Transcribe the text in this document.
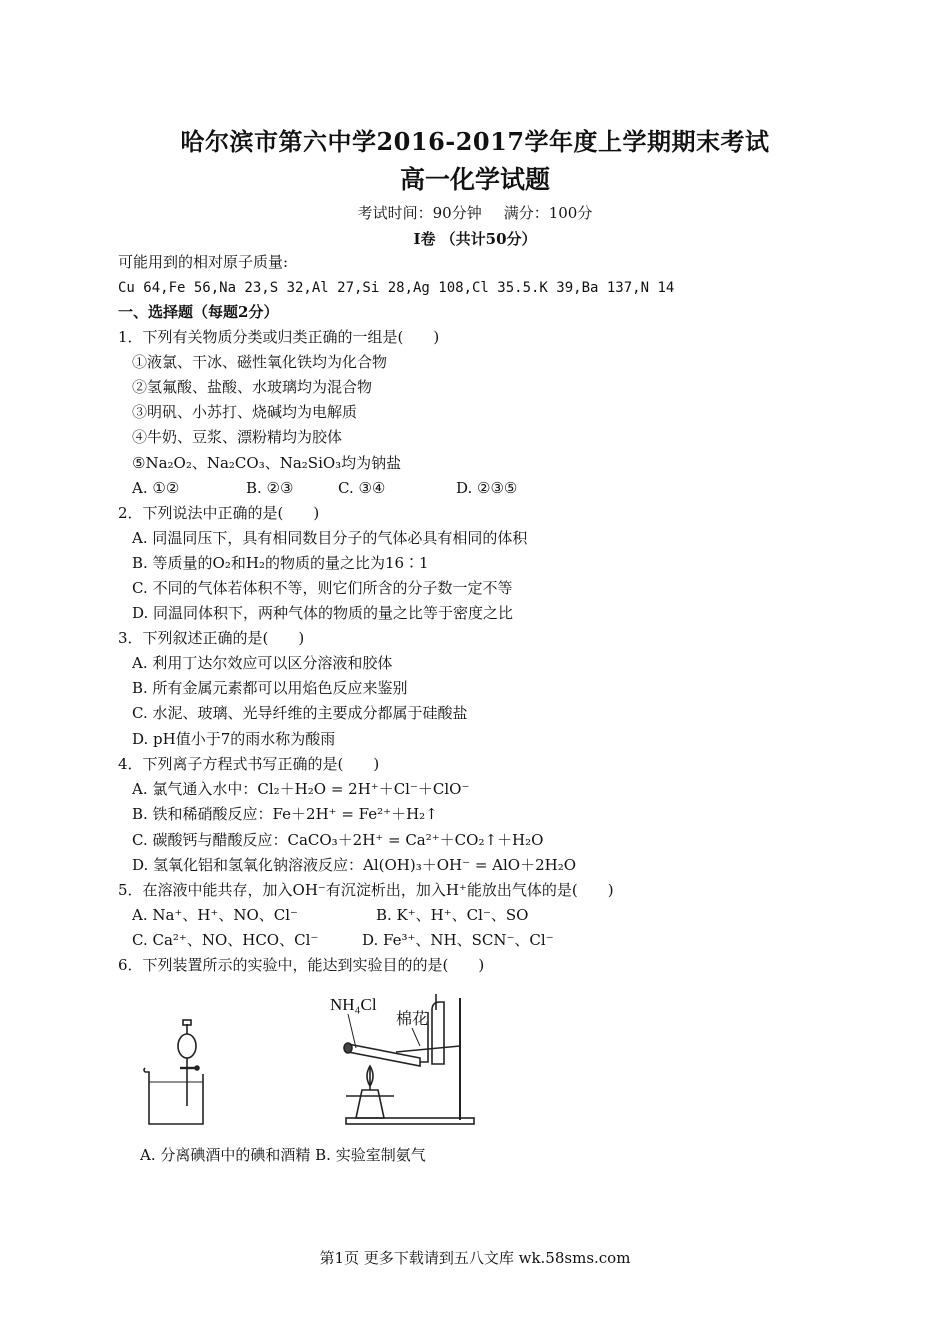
哈尔滨市第六中学2016-2017学年度上学期期末考试
高一化学试题
考试时间：90分钟 满分：100分
Ⅰ卷 （共计50分）
可能用到的相对原子质量:
Cu 64,Fe 56,Na 23,S 32,Al 27,Si 28,Ag 108,Cl 35.5.K 39,Ba 137,N 14
一、选择题（每题2分）
1．下列有关物质分类或归类正确的一组是(　　)
①液氯、干冰、磁性氧化铁均为化合物
②氢氟酸、盐酸、水玻璃均为混合物
③明矾、小苏打、烧碱均为电解质
④牛奶、豆浆、漂粉精均为胶体
⑤Na₂O₂、Na₂CO₃、Na₂SiO₃均为钠盐
A. ①②	B. ②③	C. ③④	D. ②③⑤
2．下列说法中正确的是(　　)
A. 同温同压下，具有相同数目分子的气体必具有相同的体积
B. 等质量的O₂和H₂的物质的量之比为16∶1
C. 不同的气体若体积不等，则它们所含的分子数一定不等
D. 同温同体积下，两种气体的物质的量之比等于密度之比
3．下列叙述正确的是(　　)
A. 利用丁达尔效应可以区分溶液和胶体
B. 所有金属元素都可以用焰色反应来鉴别
C. 水泥、玻璃、光导纤维的主要成分都属于硅酸盐
D. pH值小于7的雨水称为酸雨
4．下列离子方程式书写正确的是(　　)
A. 氯气通入水中：Cl₂＋H₂O = 2H⁺＋Cl⁻＋ClO⁻
B. 铁和稀硝酸反应：Fe＋2H⁺ = Fe²⁺＋H₂↑
C. 碳酸钙与醋酸反应：CaCO₃＋2H⁺ = Ca²⁺＋CO₂↑＋H₂O
D. 氢氧化铝和氢氧化钠溶液反应：Al(OH)₃＋OH⁻ = AlO＋2H₂O
5．在溶液中能共存，加入OH⁻有沉淀析出，加入H⁺能放出气体的是(　　)
A. Na⁺、H⁺、NO、Cl⁻	B. K⁺、H⁺、Cl⁻、SO
C. Ca²⁺、NO、HCO、Cl⁻	D. Fe³⁺、NH、SCN⁻、Cl⁻
6．下列装置所示的实验中，能达到实验目的的是(　　)
NH₄Cl
棉花
A. 分离碘酒中的碘和酒精 B. 实验室制氨气
第1页 更多下载请到五八文库 wk.58sms.com
